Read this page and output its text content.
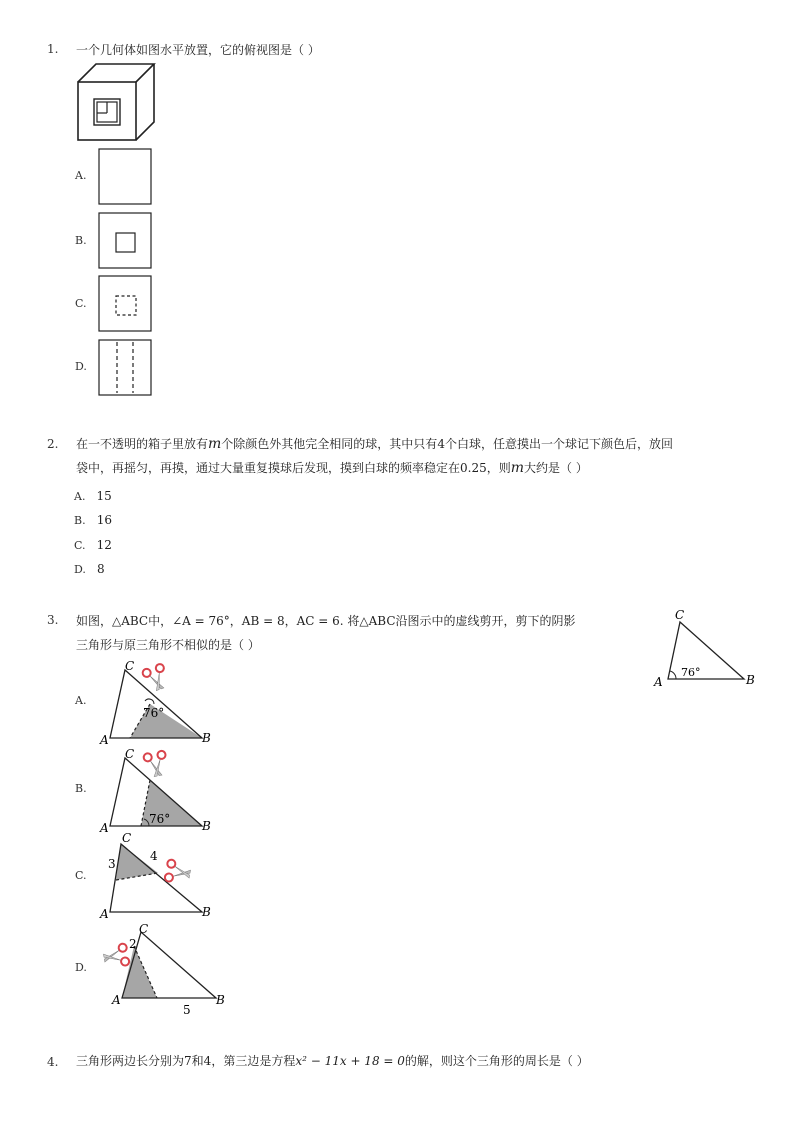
1. 一个几何体如图水平放置，它的俯视图是（ ）
A.
B.
C.
D.
2. 在一不透明的箱子里放有m个除颜色外其他完全相同的球，其中只有4个白球，任意摸出一个球记下颜色后，放回
袋中，再摇匀，再摸，通过大量重复摸球后发现，摸到白球的频率稳定在0.25，则m大约是（ ）
A. 15
B. 16
C. 12
D. 8
3. 如图，△ABC中，∠A = 76°，AB = 8，AC = 6. 将△ABC沿图示中的虚线剪开，剪下的阴影
三角形与原三角形不相似的是（ ）
C
A	B
76°
A.
76°
C
A	B
B.
76°
C
A	B
C.
C
A	B
3
4
D.
C
A	B
2
5
4. 三角形两边长分别为7和4，第三边是方程x² − 11x + 18 = 0的解，则这个三角形的周长是（ ）
